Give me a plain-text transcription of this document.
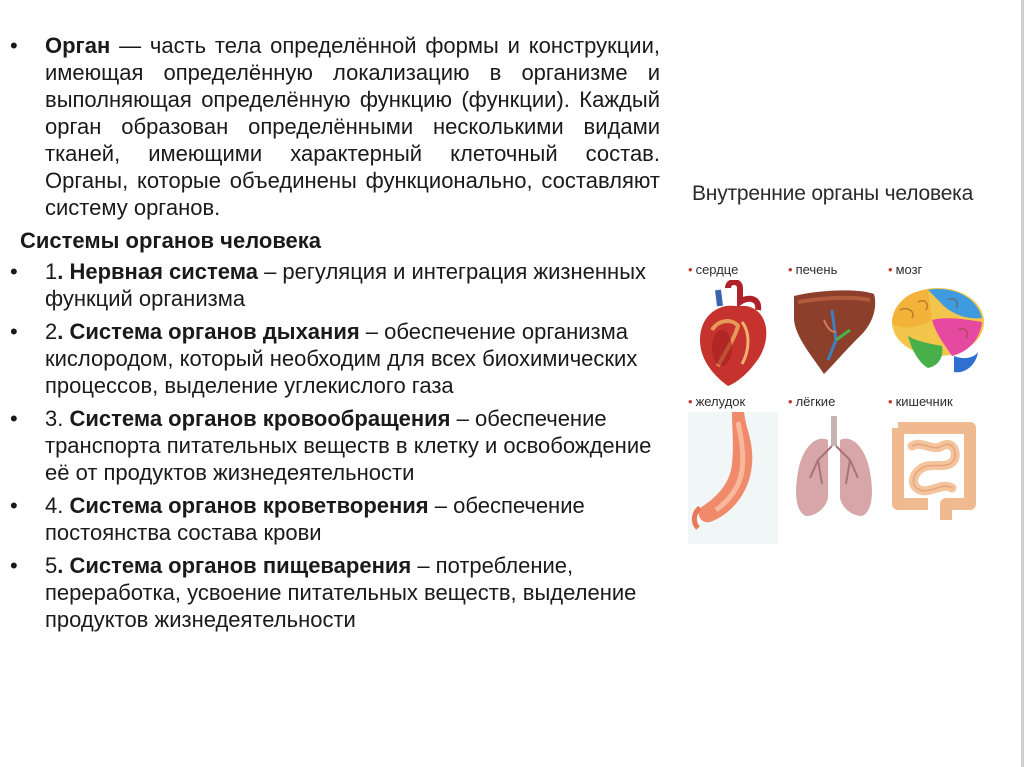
• Орган — часть тела определённой формы и конструкции, имеющая определённую локализацию в организме и выполняющая определённую функцию (функции). Каждый орган образован определёнными несколькими видами тканей, имеющими характерный клеточный состав. Органы, которые объединены функционально, составляют систему органов.
Системы органов человека
• 1. Нервная система – регуляция и интеграция жизненных функций организма
• 2. Система органов дыхания – обеспечение организма кислородом, который необходим для всех биохимических процессов, выделение углекислого газа
• 3. Система органов кровообращения – обеспечение транспорта питательных веществ в клетку и освобождение её от продуктов жизнедеятельности
• 4. Система органов кроветворения – обеспечение постоянства состава крови
• 5. Система органов пищеварения – потребление, переработка, усвоение питательных веществ, выделение продуктов жизнедеятельности
Внутренние органы человека
• сердце	• печень	• мозг
• желудок	• лёгкие	• кишечник
